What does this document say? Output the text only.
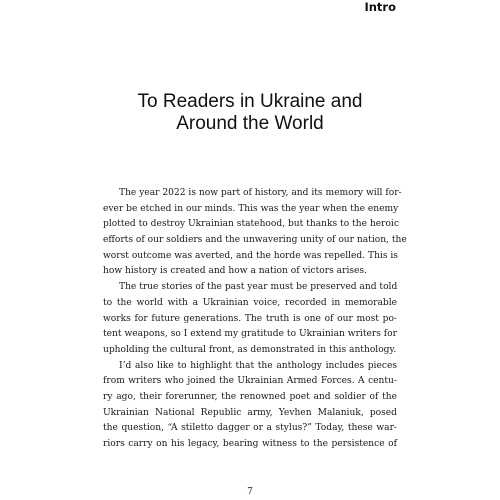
Intro
To Readers in Ukraine and
Around the World
The year 2022 is now part of history, and its memory will for-
ever be etched in our minds. This was the year when the enemy
plotted to destroy Ukrainian statehood, but thanks to the heroic
efforts of our soldiers and the unwavering unity of our nation, the
worst outcome was averted, and the horde was repelled. This is
how history is created and how a nation of victors arises.
The true stories of the past year must be preserved and told
to the world with a Ukrainian voice, recorded in memorable
works for future generations. The truth is one of our most po-
tent weapons, so I extend my gratitude to Ukrainian writers for
upholding the cultural front, as demonstrated in this anthology.
I’d also like to highlight that the anthology includes pieces
from writers who joined the Ukrainian Armed Forces. A centu-
ry ago, their forerunner, the renowned poet and soldier of the
Ukrainian National Republic army, Yevhen Malaniuk, posed
the question, “A stiletto dagger or a stylus?” Today, these war-
riors carry on his legacy, bearing witness to the persistence of
7
